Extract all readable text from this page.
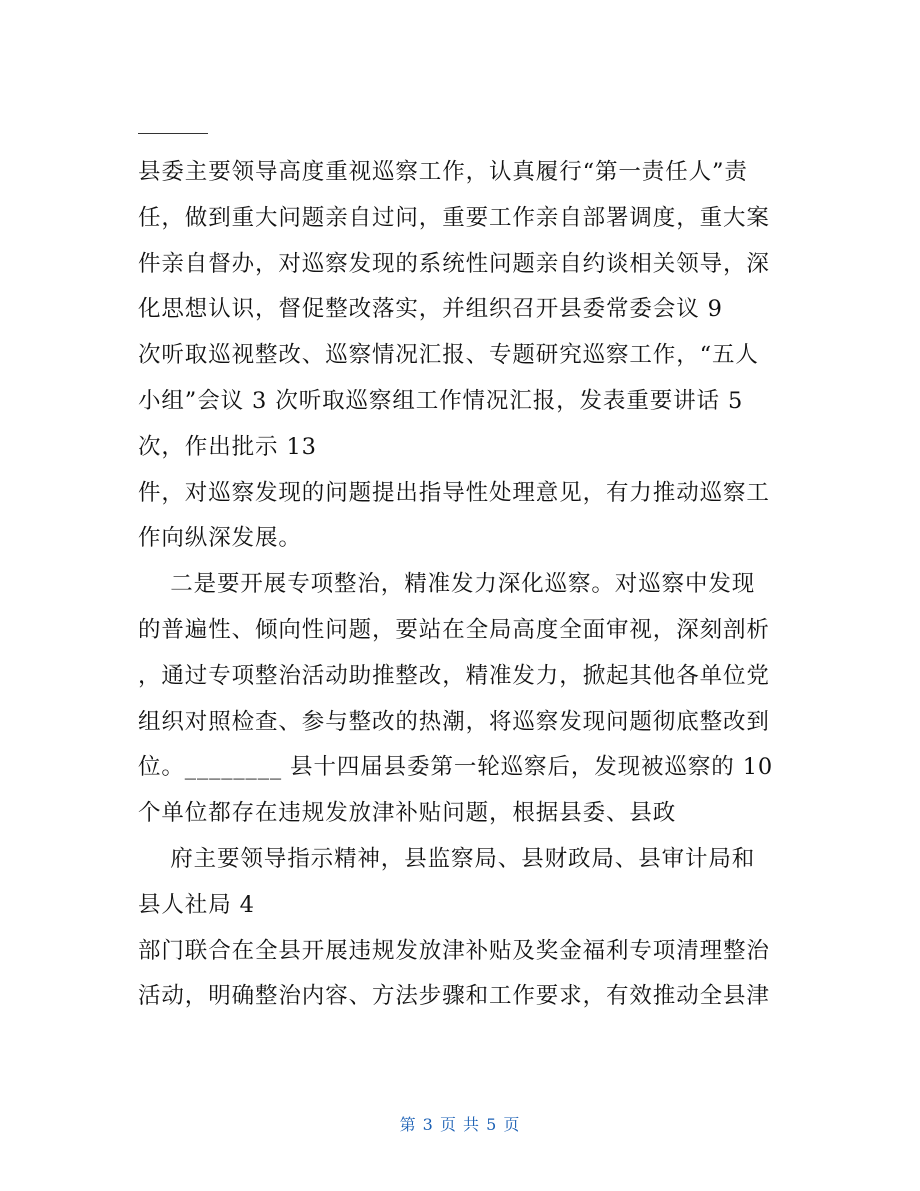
县委主要领导高度重视巡察工作，认真履行“第一责任人”责
任，做到重大问题亲自过问，重要工作亲自部署调度，重大案
件亲自督办，对巡察发现的系统性问题亲自约谈相关领导，深
化思想认识，督促整改落实，并组织召开县委常委会议 9
次听取巡视整改、巡察情况汇报、专题研究巡察工作，“五人
小组”会议 3 次听取巡察组工作情况汇报，发表重要讲话 5
次，作出批示 13
件，对巡察发现的问题提出指导性处理意见，有力推动巡察工
作向纵深发展。
二是要开展专项整治，精准发力深化巡察。对巡察中发现
的普遍性、倾向性问题，要站在全局高度全面审视，深刻剖析
，通过专项整治活动助推整改，精准发力，掀起其他各单位党
组织对照检查、参与整改的热潮，将巡察发现问题彻底整改到
位。________ 县十四届县委第一轮巡察后，发现被巡察的 10
个单位都存在违规发放津补贴问题，根据县委、县政
府主要领导指示精神，县监察局、县财政局、县审计局和
县人社局 4
部门联合在全县开展违规发放津补贴及奖金福利专项清理整治
活动，明确整治内容、方法步骤和工作要求，有效推动全县津
第 3 页 共 5 页
